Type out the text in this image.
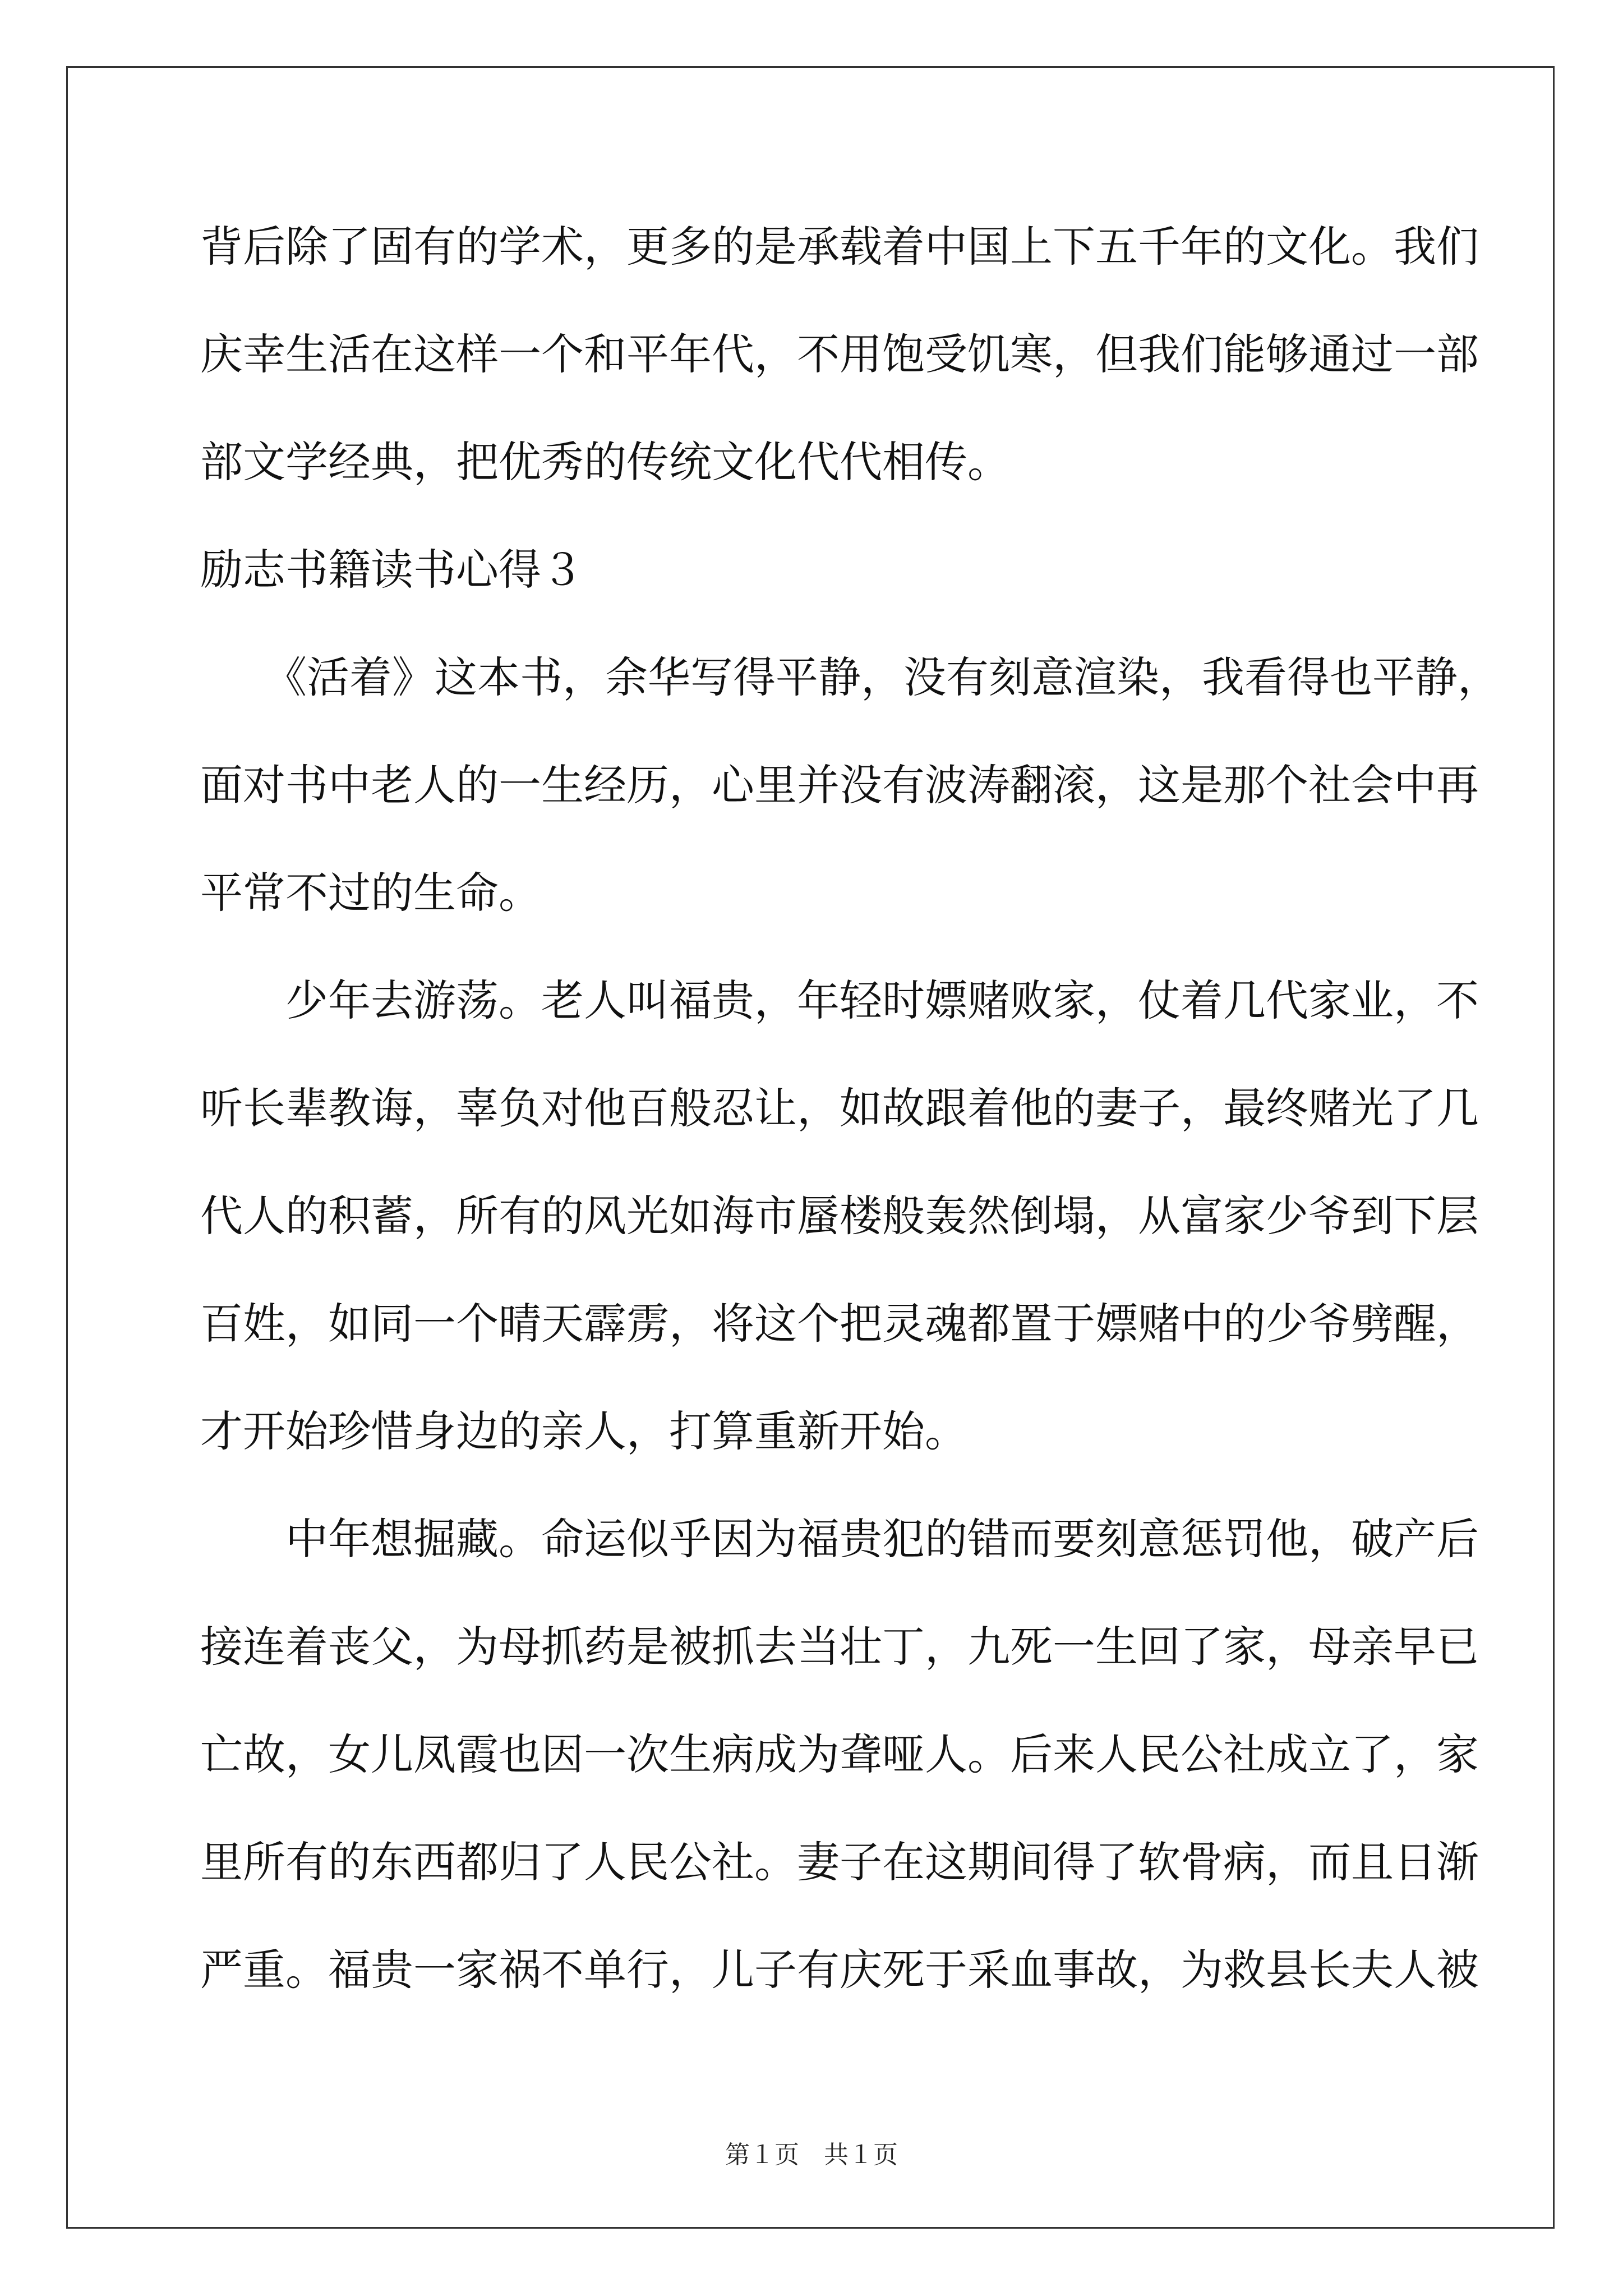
背后除了固有的学术，更多的是承载着中国上下五千年的文化。我们
庆幸生活在这样一个和平年代，不用饱受饥寒，但我们能够通过一部
部文学经典，把优秀的传统文化代代相传。
励志书籍读书心得３
　　《活着》这本书，余华写得平静，没有刻意渲染，我看得也平静，
面对书中老人的一生经历，心里并没有波涛翻滚，这是那个社会中再
平常不过的生命。
　　少年去游荡。老人叫福贵，年轻时嫖赌败家，仗着几代家业，不
听长辈教诲，辜负对他百般忍让，如故跟着他的妻子，最终赌光了几
代人的积蓄，所有的风光如海市蜃楼般轰然倒塌，从富家少爷到下层
百姓，如同一个晴天霹雳，将这个把灵魂都置于嫖赌中的少爷劈醒，
才开始珍惜身边的亲人，打算重新开始。
　　中年想掘藏。命运似乎因为福贵犯的错而要刻意惩罚他，破产后
接连着丧父，为母抓药是被抓去当壮丁，九死一生回了家，母亲早已
亡故，女儿凤霞也因一次生病成为聋哑人。后来人民公社成立了，家
里所有的东西都归了人民公社。妻子在这期间得了软骨病，而且日渐
严重。福贵一家祸不单行，儿子有庆死于采血事故，为救县长夫人被
第１页　共１页
